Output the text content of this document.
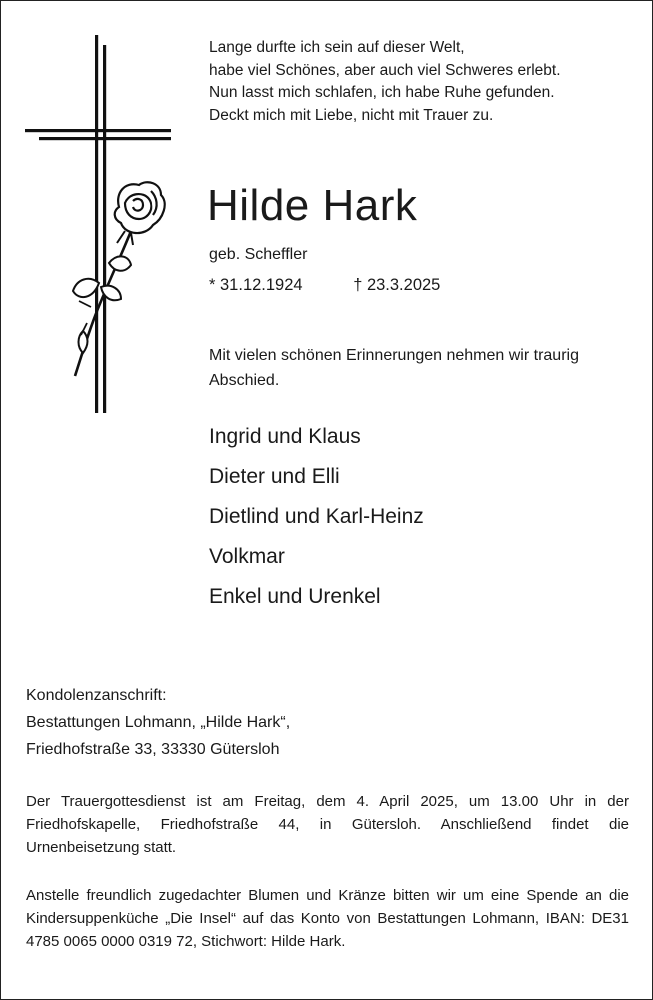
Lange durfte ich sein auf dieser Welt,
habe viel Schönes, aber auch viel Schweres erlebt.
Nun lasst mich schlafen, ich habe Ruhe gefunden.
Deckt mich mit Liebe, nicht mit Trauer zu.
Hilde Hark
geb. Scheffler
* 31.12.1924	† 23.3.2025
Mit vielen schönen Erinnerungen nehmen wir traurig Abschied.
Ingrid und Klaus
Dieter und Elli
Dietlind und Karl-Heinz
Volkmar
Enkel und Urenkel
Kondolenzanschrift:
Bestattungen Lohmann, „Hilde Hark“,
Friedhofstraße 33, 33330 Gütersloh
Der Trauergottesdienst ist am Freitag, dem 4. April 2025, um 13.00 Uhr in der Friedhofskapelle, Friedhofstraße 44, in Gütersloh. Anschließend findet die Urnenbeisetzung statt.
Anstelle freundlich zugedachter Blumen und Kränze bitten wir um eine Spende an die Kindersuppenküche „Die Insel“ auf das Konto von Bestattungen Lohmann, IBAN: DE31 4785 0065 0000 0319 72, Stichwort: Hilde Hark.
